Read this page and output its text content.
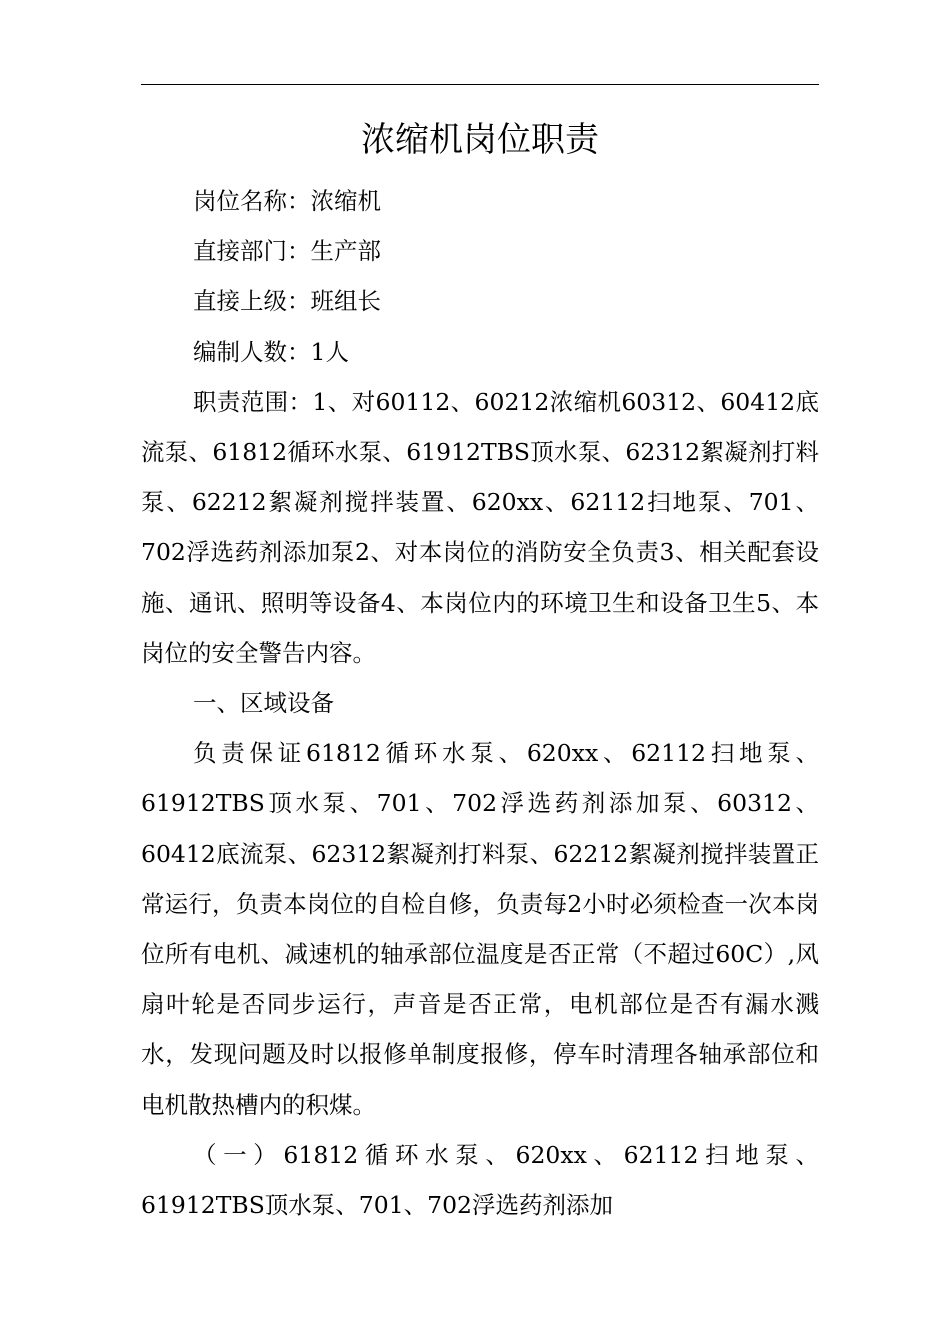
浓缩机岗位职责

岗位名称：浓缩机

直接部门：生产部

直接上级：班组长

编制人数：1人

职责范围：1、对60112、60212浓缩机60312、60412底流泵、61812循环水泵、61912TBS顶水泵、62312絮凝剂打料泵、62212絮凝剂搅拌装置、620xx、62112扫地泵、701、702浮选药剂添加泵2、对本岗位的消防安全负责3、相关配套设施、通讯、照明等设备4、本岗位内的环境卫生和设备卫生5、本岗位的安全警告内容。

一、区域设备

负责保证61812循环水泵、620xx、62112扫地泵、61912TBS顶水泵、701、702浮选药剂添加泵、60312、60412底流泵、62312絮凝剂打料泵、62212絮凝剂搅拌装置正常运行，负责本岗位的自检自修，负责每2小时必须检查一次本岗位所有电机、减速机的轴承部位温度是否正常（不超过60C）,风扇叶轮是否同步运行，声音是否正常，电机部位是否有漏水溅水，发现问题及时以报修单制度报修，停车时清理各轴承部位和电机散热槽内的积煤。

（一）61812循环水泵、620xx、62112扫地泵、61912TBS顶水泵、701、702浮选药剂添加
